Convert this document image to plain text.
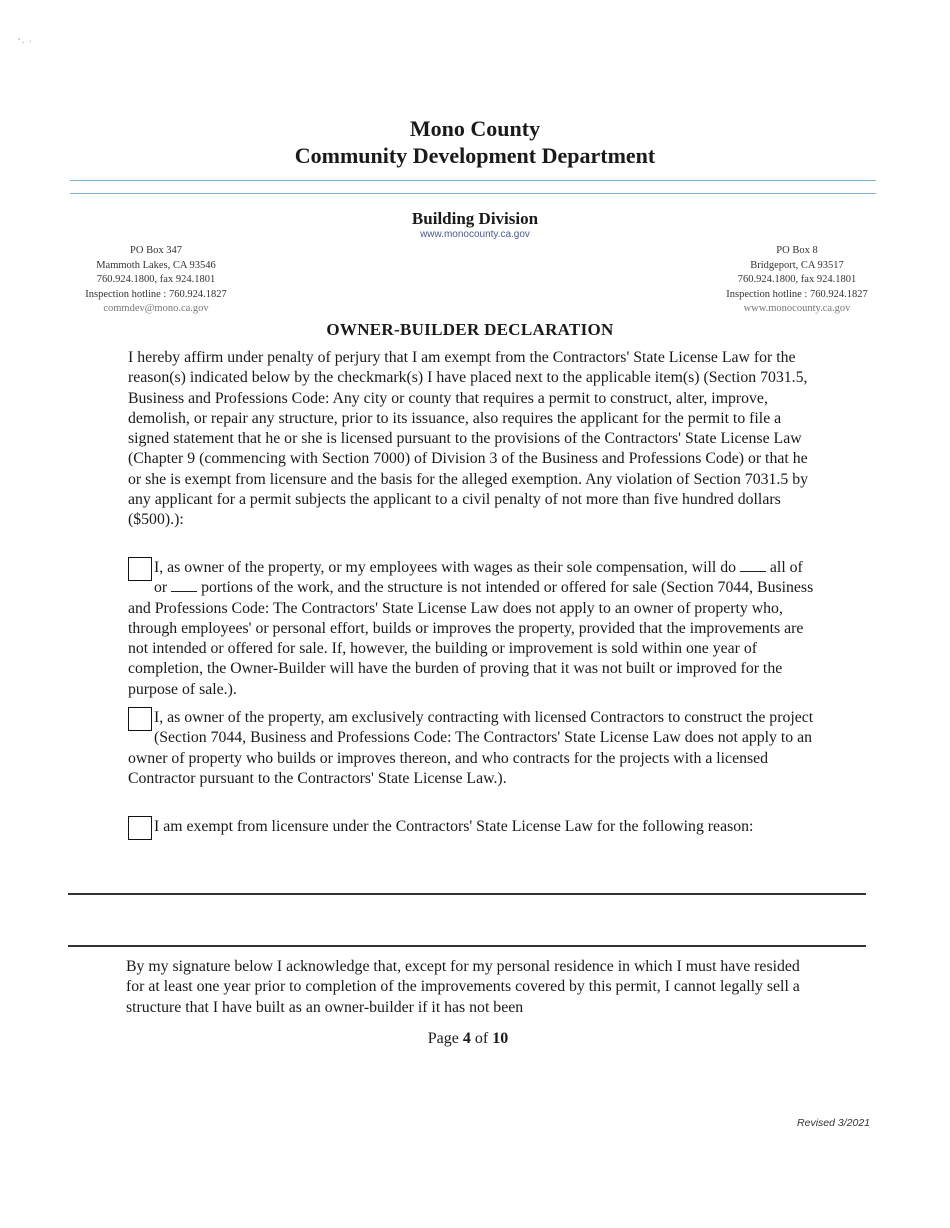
ᵃ¸ ᵢ
Mono County
Community Development Department
Building Division
www.monocounty.ca.gov
PO Box 347
Mammoth Lakes, CA 93546
760.924.1800, fax 924.1801
Inspection hotline : 760.924.1827
commdev@mono.ca.gov
PO Box 8
Bridgeport, CA 93517
760.924.1800, fax 924.1801
Inspection hotline : 760.924.1827
www.monocounty.ca.gov
OWNER-BUILDER DECLARATION
I hereby affirm under penalty of perjury that I am exempt from the Contractors' State License Law for the reason(s) indicated below by the checkmark(s) I have placed next to the applicable item(s) (Section 7031.5, Business and Professions Code: Any city or county that requires a permit to construct, alter, improve, demolish, or repair any structure, prior to its issuance, also requires the applicant for the permit to file a signed statement that he or she is licensed pursuant to the provisions of the Contractors' State License Law (Chapter 9 (commencing with Section 7000) of Division 3 of the Business and Professions Code) or that he or she is exempt from licensure and the basis for the alleged exemption. Any violation of Section 7031.5 by any applicant for a permit subjects the applicant to a civil penalty of not more than five hundred dollars ($500).):
I, as owner of the property, or my employees with wages as their sole compensation, will do all of or portions of the work, and the structure is not intended or offered for sale (Section 7044, Business and Professions Code: The Contractors' State License Law does not apply to an owner of property who, through employees' or personal effort, builds or improves the property, provided that the improvements are not intended or offered for sale. If, however, the building or improvement is sold within one year of completion, the Owner-Builder will have the burden of proving that it was not built or improved for the purpose of sale.).
I, as owner of the property, am exclusively contracting with licensed Contractors to construct the project (Section 7044, Business and Professions Code: The Contractors' State License Law does not apply to an owner of property who builds or improves thereon, and who contracts for the projects with a licensed Contractor pursuant to the Contractors' State License Law.).
I am exempt from licensure under the Contractors' State License Law for the following reason:
By my signature below I acknowledge that, except for my personal residence in which I must have resided for at least one year prior to completion of the improvements covered by this permit, I cannot legally sell a structure that I have built as an owner-builder if it has not been
Page 4 of 10
Revised 3/2021
